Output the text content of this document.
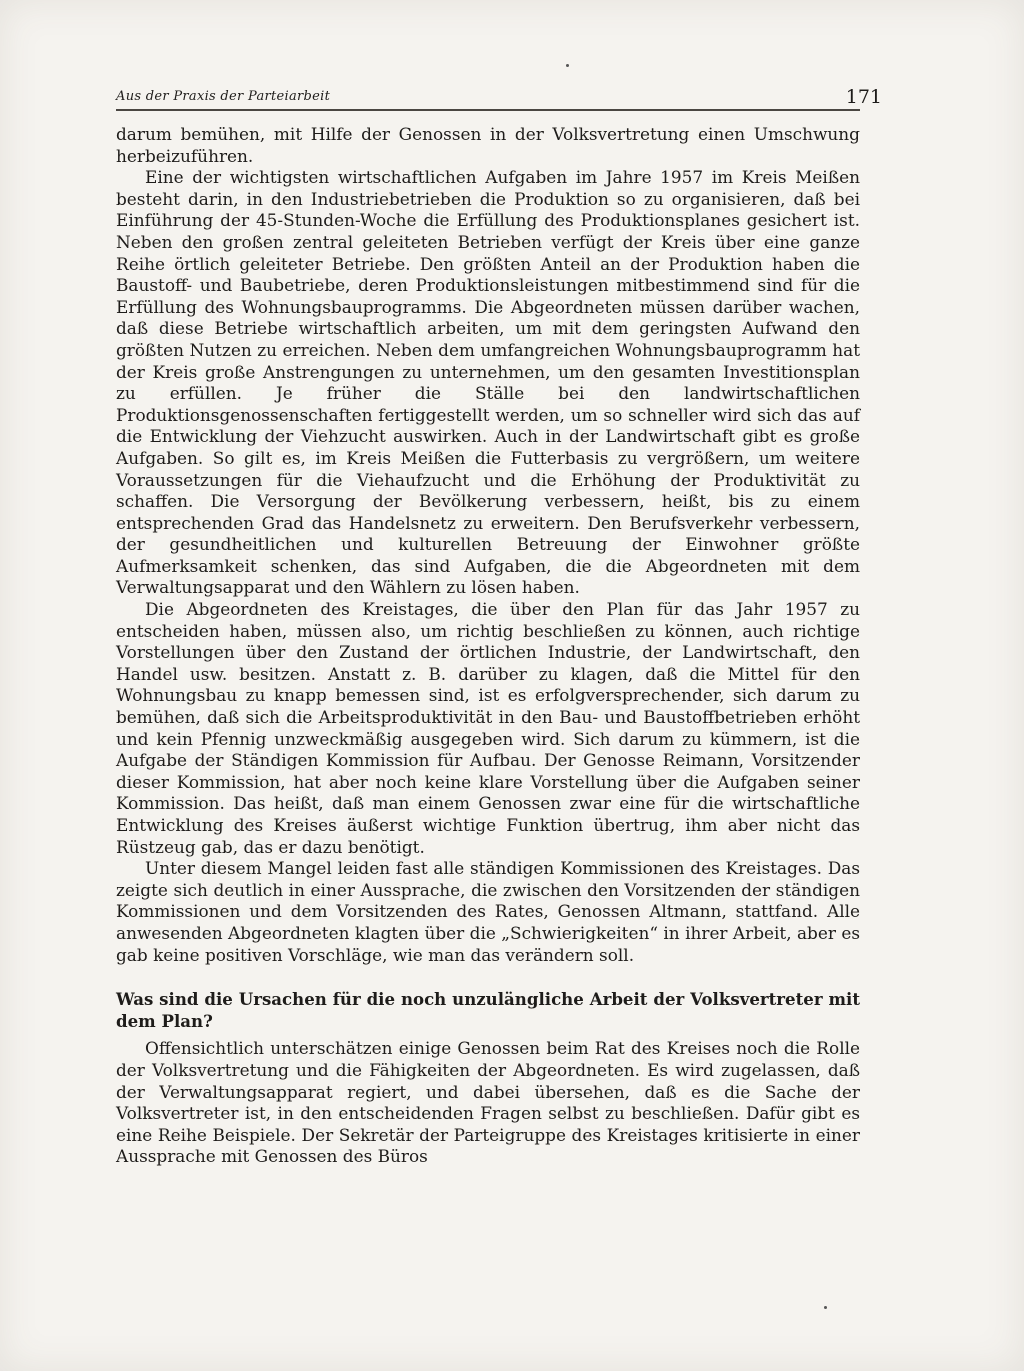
Aus der Praxis der Parteiarbeit	171

darum bemühen, mit Hilfe der Genossen in der Volksvertretung einen Umschwung herbeizuführen.

Eine der wichtigsten wirtschaftlichen Aufgaben im Jahre 1957 im Kreis Meißen besteht darin, in den Industriebetrieben die Produktion so zu organisieren, daß bei Einführung der 45-Stunden-Woche die Erfüllung des Produktionsplanes gesichert ist. Neben den großen zentral geleiteten Betrieben verfügt der Kreis über eine ganze Reihe örtlich geleiteter Betriebe. Den größten Anteil an der Produktion haben die Baustoff- und Baubetriebe, deren Produktionsleistungen mitbestimmend sind für die Erfüllung des Wohnungsbauprogramms. Die Abgeordneten müssen darüber wachen, daß diese Betriebe wirtschaftlich arbeiten, um mit dem geringsten Aufwand den größten Nutzen zu erreichen. Neben dem umfangreichen Wohnungsbauprogramm hat der Kreis große Anstrengungen zu unternehmen, um den gesamten Investitionsplan zu erfüllen. Je früher die Ställe bei den landwirtschaftlichen Produktionsgenossenschaften fertiggestellt werden, um so schneller wird sich das auf die Entwicklung der Viehzucht auswirken. Auch in der Landwirtschaft gibt es große Aufgaben. So gilt es, im Kreis Meißen die Futterbasis zu vergrößern, um weitere Voraussetzungen für die Viehaufzucht und die Erhöhung der Produktivität zu schaffen. Die Versorgung der Bevölkerung verbessern, heißt, bis zu einem entsprechenden Grad das Handelsnetz zu erweitern. Den Berufsverkehr verbessern, der gesundheitlichen und kulturellen Betreuung der Einwohner größte Aufmerksamkeit schenken, das sind Aufgaben, die die Abgeordneten mit dem Verwaltungsapparat und den Wählern zu lösen haben.

Die Abgeordneten des Kreistages, die über den Plan für das Jahr 1957 zu entscheiden haben, müssen also, um richtig beschließen zu können, auch richtige Vorstellungen über den Zustand der örtlichen Industrie, der Landwirtschaft, den Handel usw. besitzen. Anstatt z. B. darüber zu klagen, daß die Mittel für den Wohnungsbau zu knapp bemessen sind, ist es erfolgversprechender, sich darum zu bemühen, daß sich die Arbeitsproduktivität in den Bau- und Baustoffbetrieben erhöht und kein Pfennig unzweckmäßig ausgegeben wird. Sich darum zu kümmern, ist die Aufgabe der Ständigen Kommission für Aufbau. Der Genosse Reimann, Vorsitzender dieser Kommission, hat aber noch keine klare Vorstellung über die Aufgaben seiner Kommission. Das heißt, daß man einem Genossen zwar eine für die wirtschaftliche Entwicklung des Kreises äußerst wichtige Funktion übertrug, ihm aber nicht das Rüstzeug gab, das er dazu benötigt.

Unter diesem Mangel leiden fast alle ständigen Kommissionen des Kreistages. Das zeigte sich deutlich in einer Aussprache, die zwischen den Vorsitzenden der ständigen Kommissionen und dem Vorsitzenden des Rates, Genossen Altmann, stattfand. Alle anwesenden Abgeordneten klagten über die „Schwierigkeiten“ in ihrer Arbeit, aber es gab keine positiven Vorschläge, wie man das verändern soll.

Was sind die Ursachen für die noch unzulängliche Arbeit der Volksvertreter mit dem Plan?

Offensichtlich unterschätzen einige Genossen beim Rat des Kreises noch die Rolle der Volksvertretung und die Fähigkeiten der Abgeordneten. Es wird zugelassen, daß der Verwaltungsapparat regiert, und dabei übersehen, daß es die Sache der Volksvertreter ist, in den entscheidenden Fragen selbst zu beschließen. Dafür gibt es eine Reihe Beispiele. Der Sekretär der Parteigruppe des Kreistages kritisierte in einer Aussprache mit Genossen des Büros
